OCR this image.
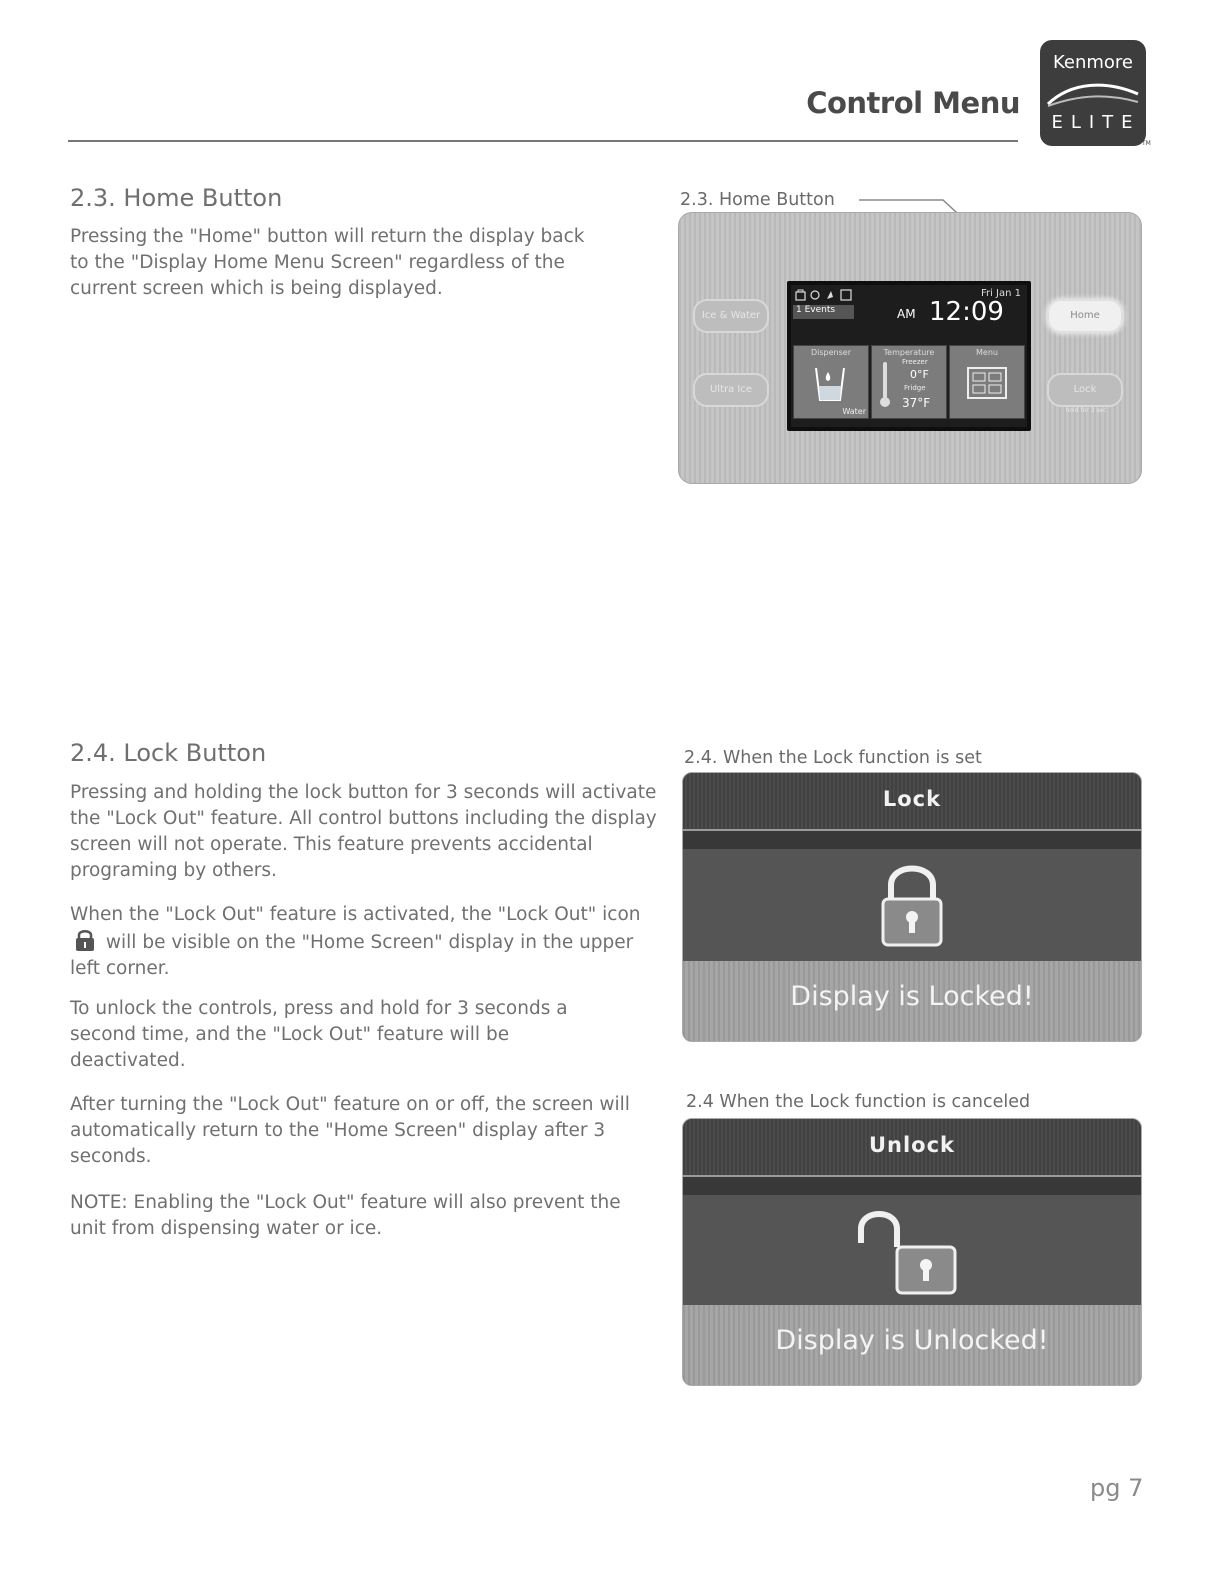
Control Menu
Kenmore
ELITE
TM
2.3. Home Button
Pressing the "Home" button will return the display back to the "Display Home Menu Screen" regardless of the current screen which is being displayed.
2.3. Home Button
Ice & Water
Ultra Ice
Home
Lock
hold for 3 sec
1 Events
Fri Jan 1
AM 12:09
Dispenser
Water
Temperature
Freezer
0°F
Fridge
37°F
Menu
2.4. Lock Button
Pressing and holding the lock button for 3 seconds will activate the "Lock Out" feature. All control buttons including the display screen will not operate. This feature prevents accidental programing by others.
When the "Lock Out" feature is activated, the "Lock Out" icon  will be visible on the "Home Screen" display in the upper left corner.
To unlock the controls, press and hold for 3 seconds a second time, and the "Lock Out" feature will be deactivated.
After turning the "Lock Out" feature on or off, the screen will automatically return to the "Home Screen" display after 3 seconds.
NOTE: Enabling the "Lock Out" feature will also prevent the unit from dispensing water or ice.
2.4. When the Lock function is set
Lock
Display is Locked!
2.4 When the Lock function is canceled
Unlock
Display is Unlocked!
pg 7
